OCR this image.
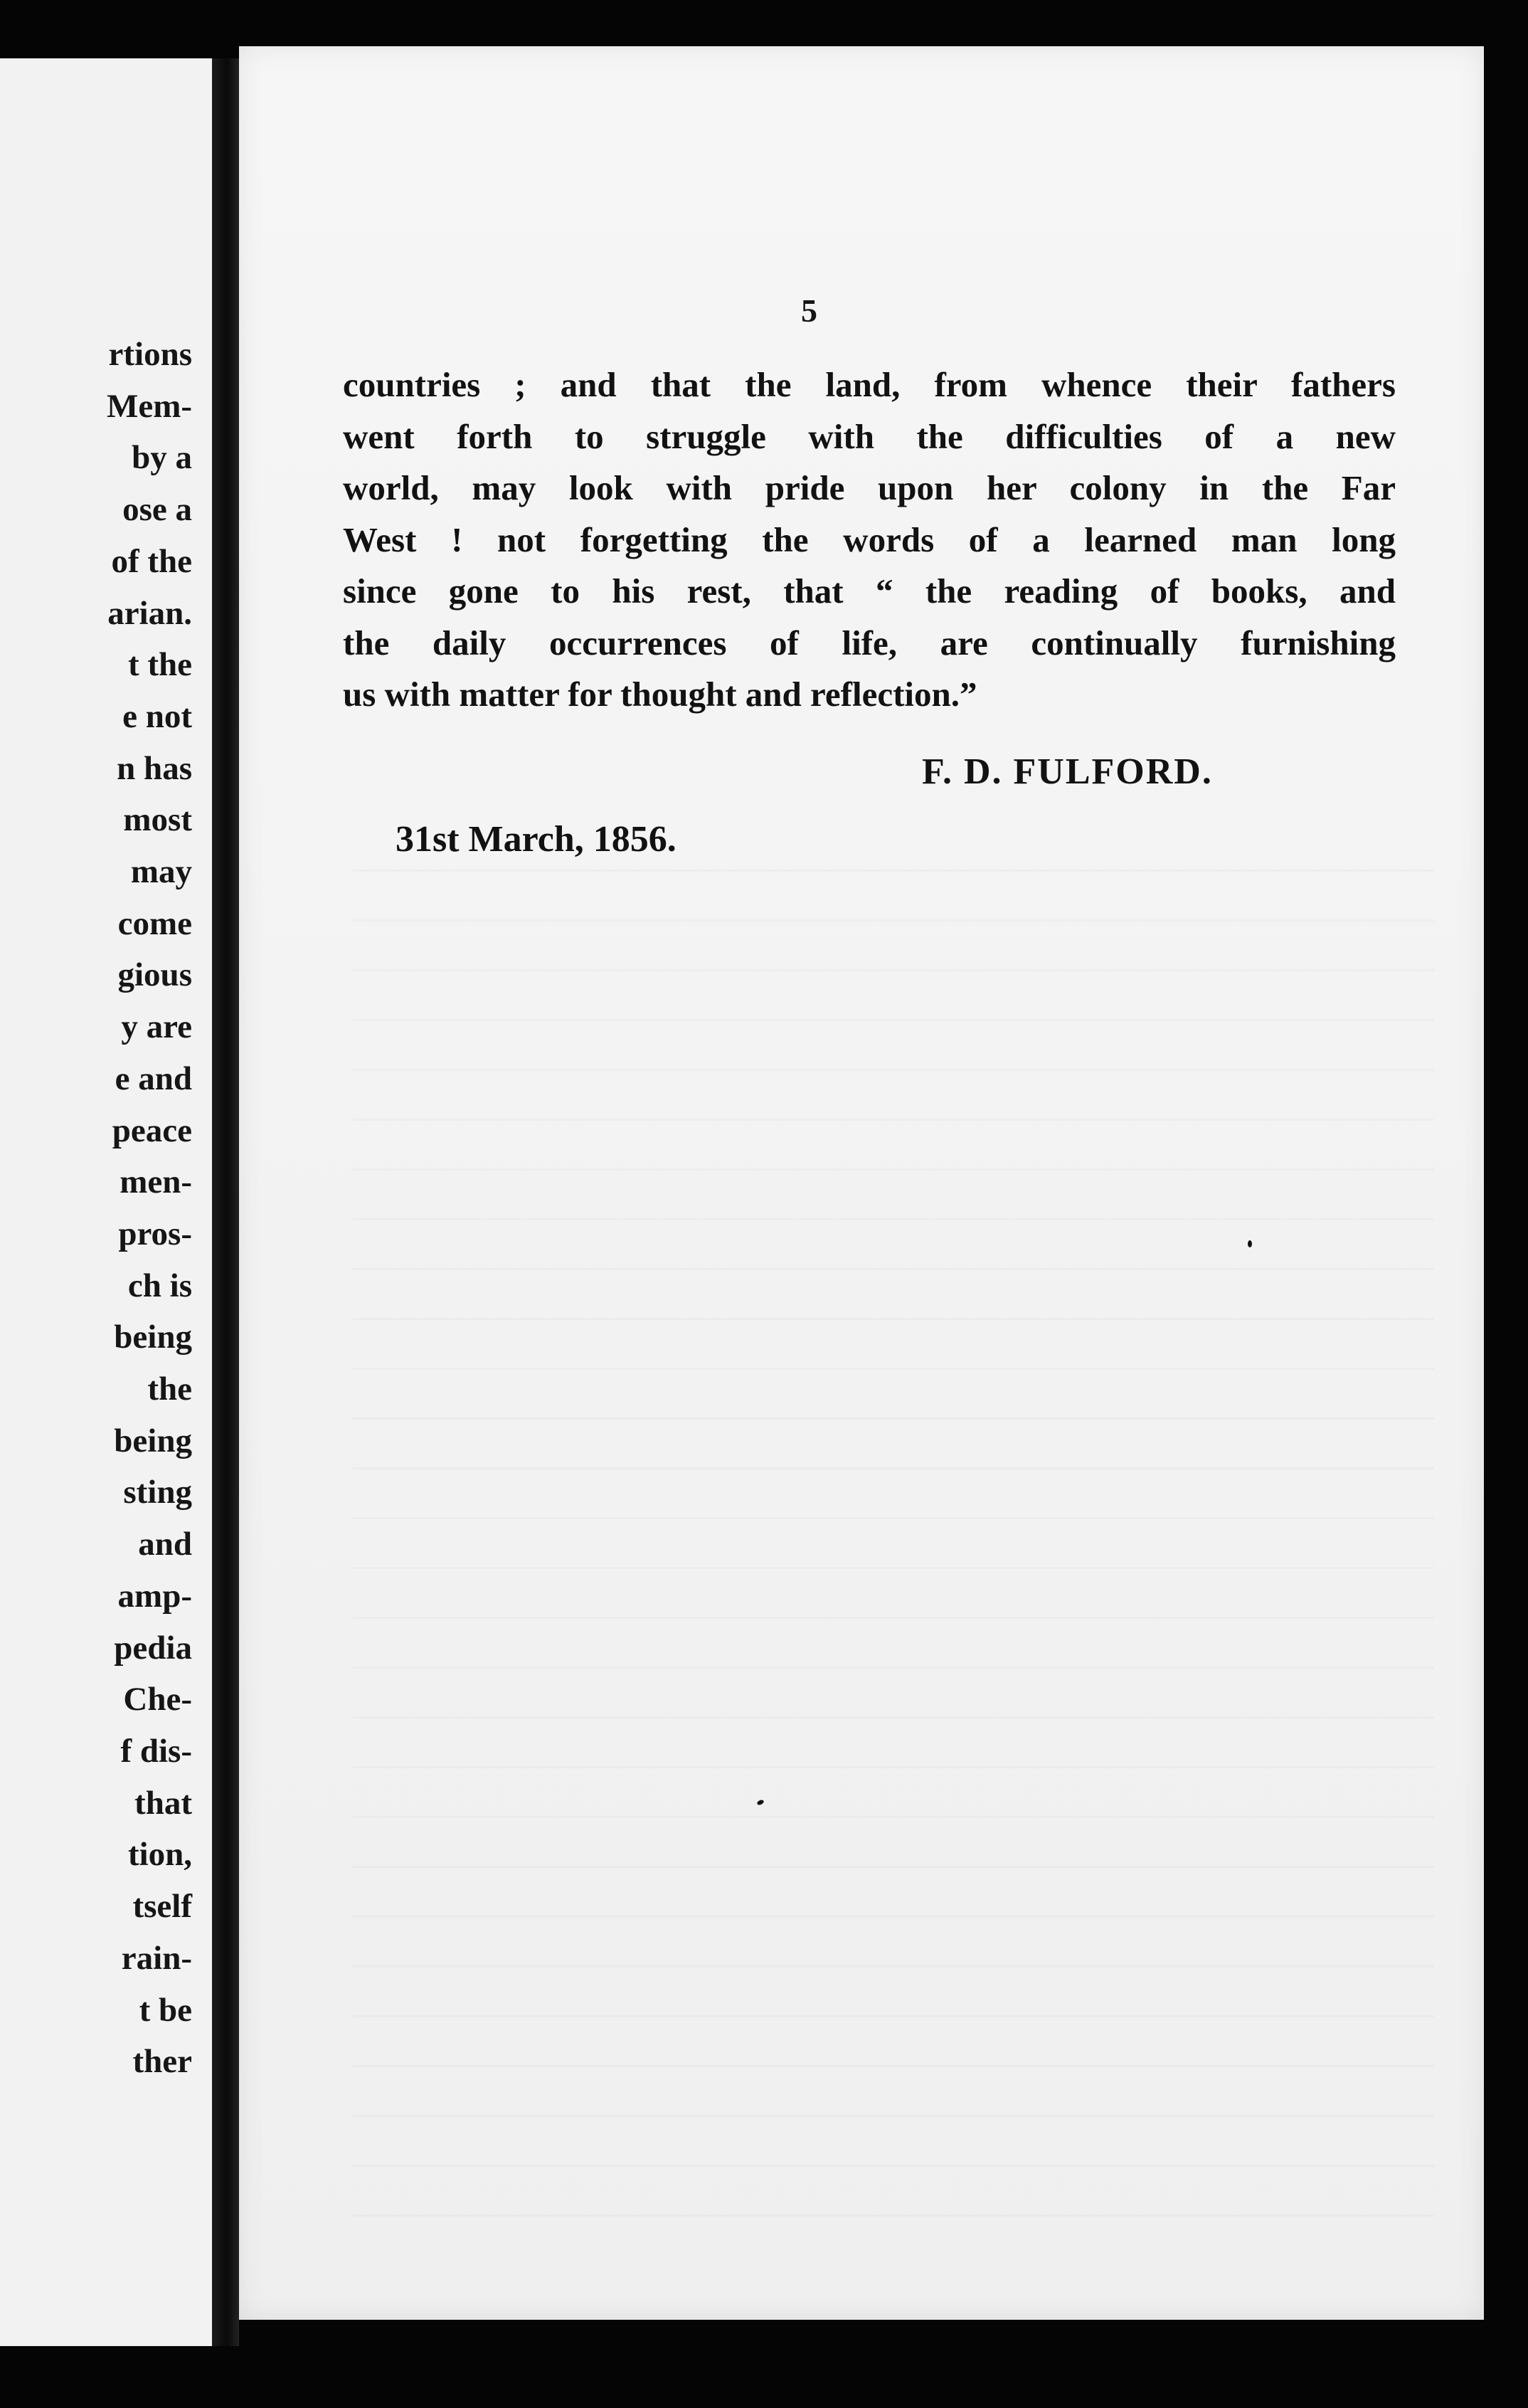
rtions
Mem-
by a
ose a
of the
arian.
t the
e not
n has
most
may
come
gious
y are
e and
peace
men-
pros-
ch is
being
the
being
sting
and
amp-
pedia
Che-
f dis-
that
tion,
tself
rain-
t be
ther
5

countries ; and that the land, from whence their fathers
went forth to struggle with the difficulties of a new
world, may look with pride upon her colony in the Far
West ! not forgetting the words of a learned man long
since gone to his rest, that “ the reading of books, and
the daily occurrences of life, are continually furnishing
us with matter for thought and reflection.”

F. D. FULFORD.
31st March, 1856.
